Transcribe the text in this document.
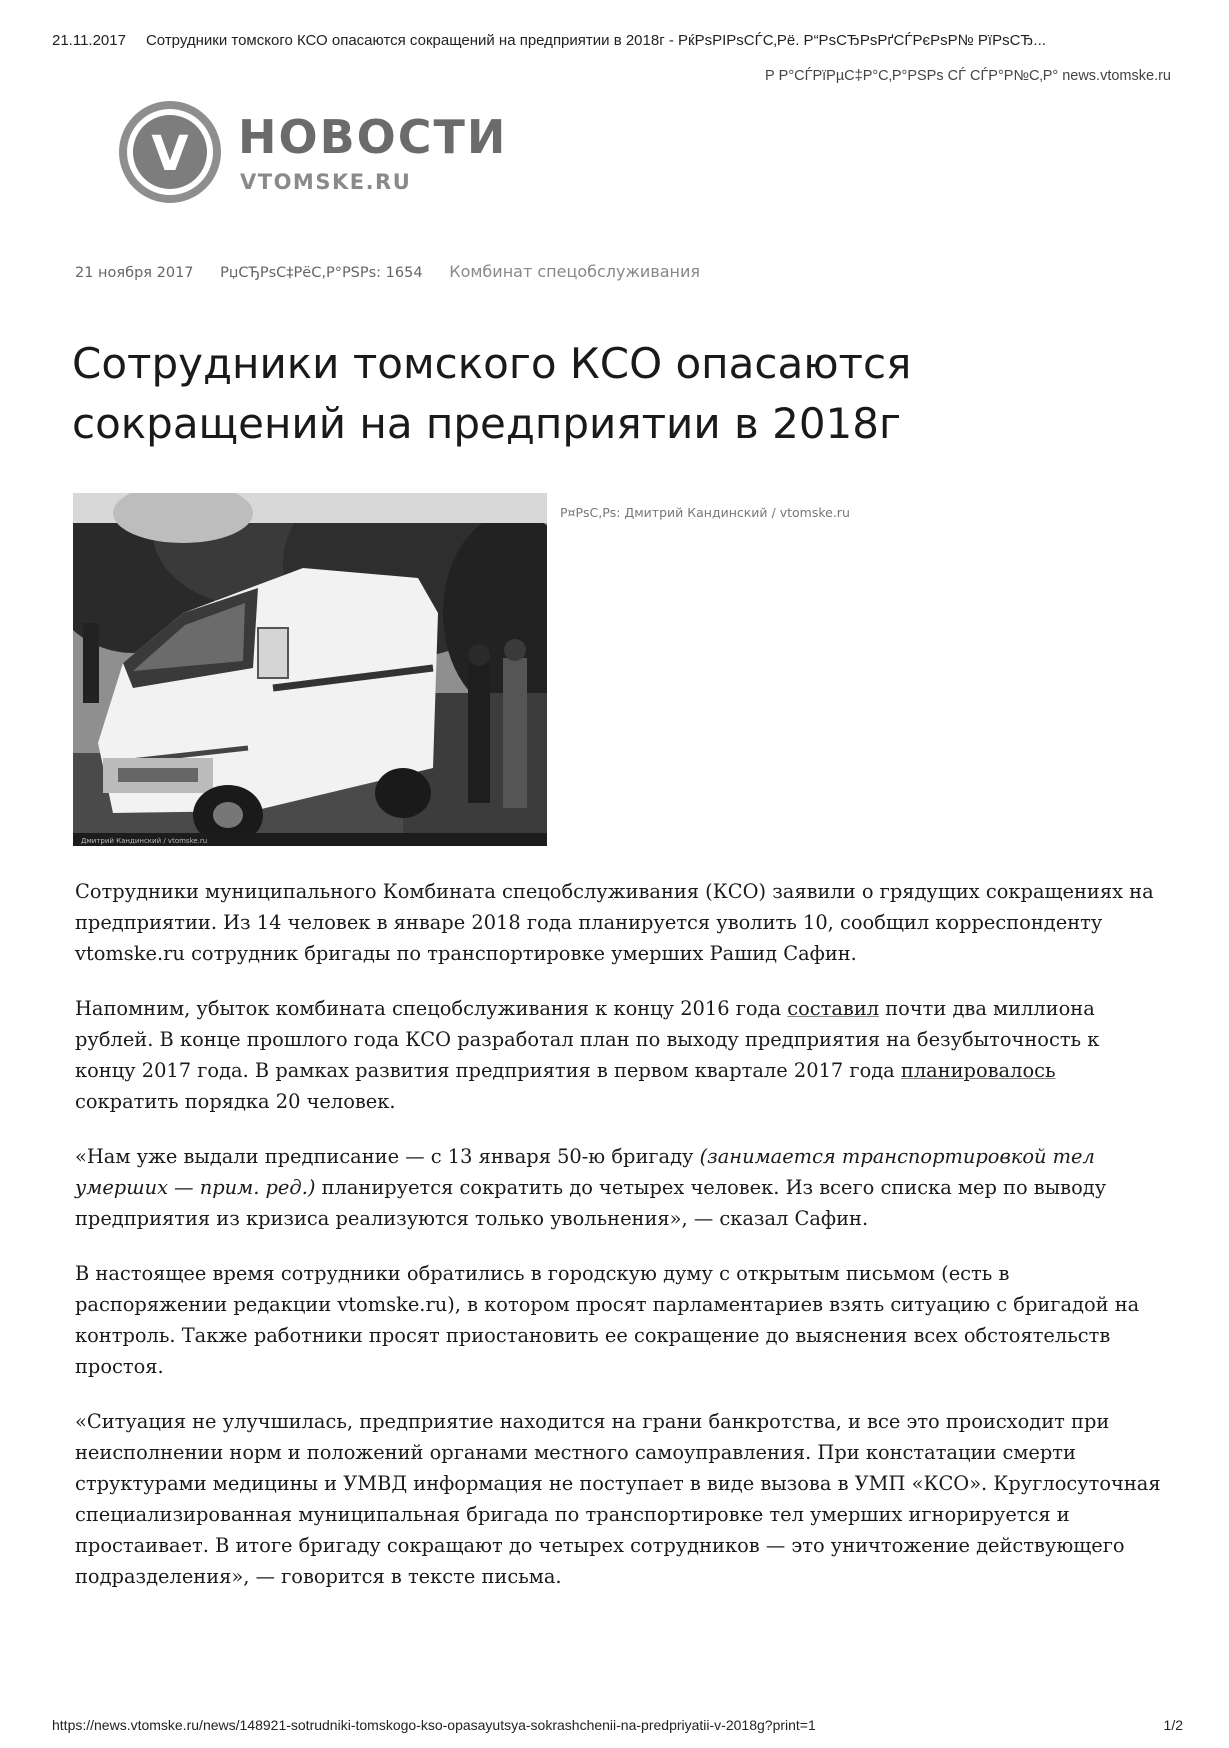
21.11.2017 Сотрудники томского КСО опасаются сокращений на предприятии в 2018г - РќРѕРІРѕСЃС‚Рё. Р“РѕСЂРѕРґСЃРєРѕР№ РїРѕСЂ...
Р Р°СЃРїРµС‡Р°С‚Р°РЅРѕ СЃ СЃР°Р№С‚Р° news.vtomske.ru
V НОВОСТИ
VTOMSKE.RU
21 ноября 2017 РџСЂРѕС‡РёС‚Р°РЅРѕ: 1654 Комбинат спецобслуживания
Сотрудники томского КСО опасаются сокращений на предприятии в 2018г
Дмитрий Кандинский / vtomske.ru
Р¤РѕС‚Рѕ: Дмитрий Кандинский / vtomske.ru

Сотрудники муниципального Комбината спецобслуживания (КСО) заявили о грядущих сокращениях на предприятии. Из 14 человек в январе 2018 года планируется уволить 10, сообщил корреспонденту vtomske.ru сотрудник бригады по транспортировке умерших Рашид Сафин.

Напомним, убыток комбината спецобслуживания к концу 2016 года составил почти два миллиона рублей. В конце прошлого года КСО разработал план по выходу предприятия на безубыточность к концу 2017 года. В рамках развития предприятия в первом квартале 2017 года планировалось сократить порядка 20 человек.

«Нам уже выдали предписание — с 13 января 50-ю бригаду (занимается транспортировкой тел умерших — прим. ред.) планируется сократить до четырех человек. Из всего списка мер по выводу предприятия из кризиса реализуются только увольнения», — сказал Сафин.

В настоящее время сотрудники обратились в городскую думу с открытым письмом (есть в распоряжении редакции vtomske.ru), в котором просят парламентариев взять ситуацию с бригадой на контроль. Также работники просят приостановить ее сокращение до выяснения всех обстоятельств простоя.

«Ситуация не улучшилась, предприятие находится на грани банкротства, и все это происходит при неисполнении норм и положений органами местного самоуправления. При констатации смерти структурами медицины и УМВД информация не поступает в виде вызова в УМП «КСО». Круглосуточная специализированная муниципальная бригада по транспортировке тел умерших игнорируется и простаивает. В итоге бригаду сокращают до четырех сотрудников — это уничтожение действующего подразделения», — говорится в тексте письма.

https://news.vtomske.ru/news/148921-sotrudniki-tomskogo-kso-opasayutsya-sokrashchenii-na-predpriyatii-v-2018g?print=1	1/2
